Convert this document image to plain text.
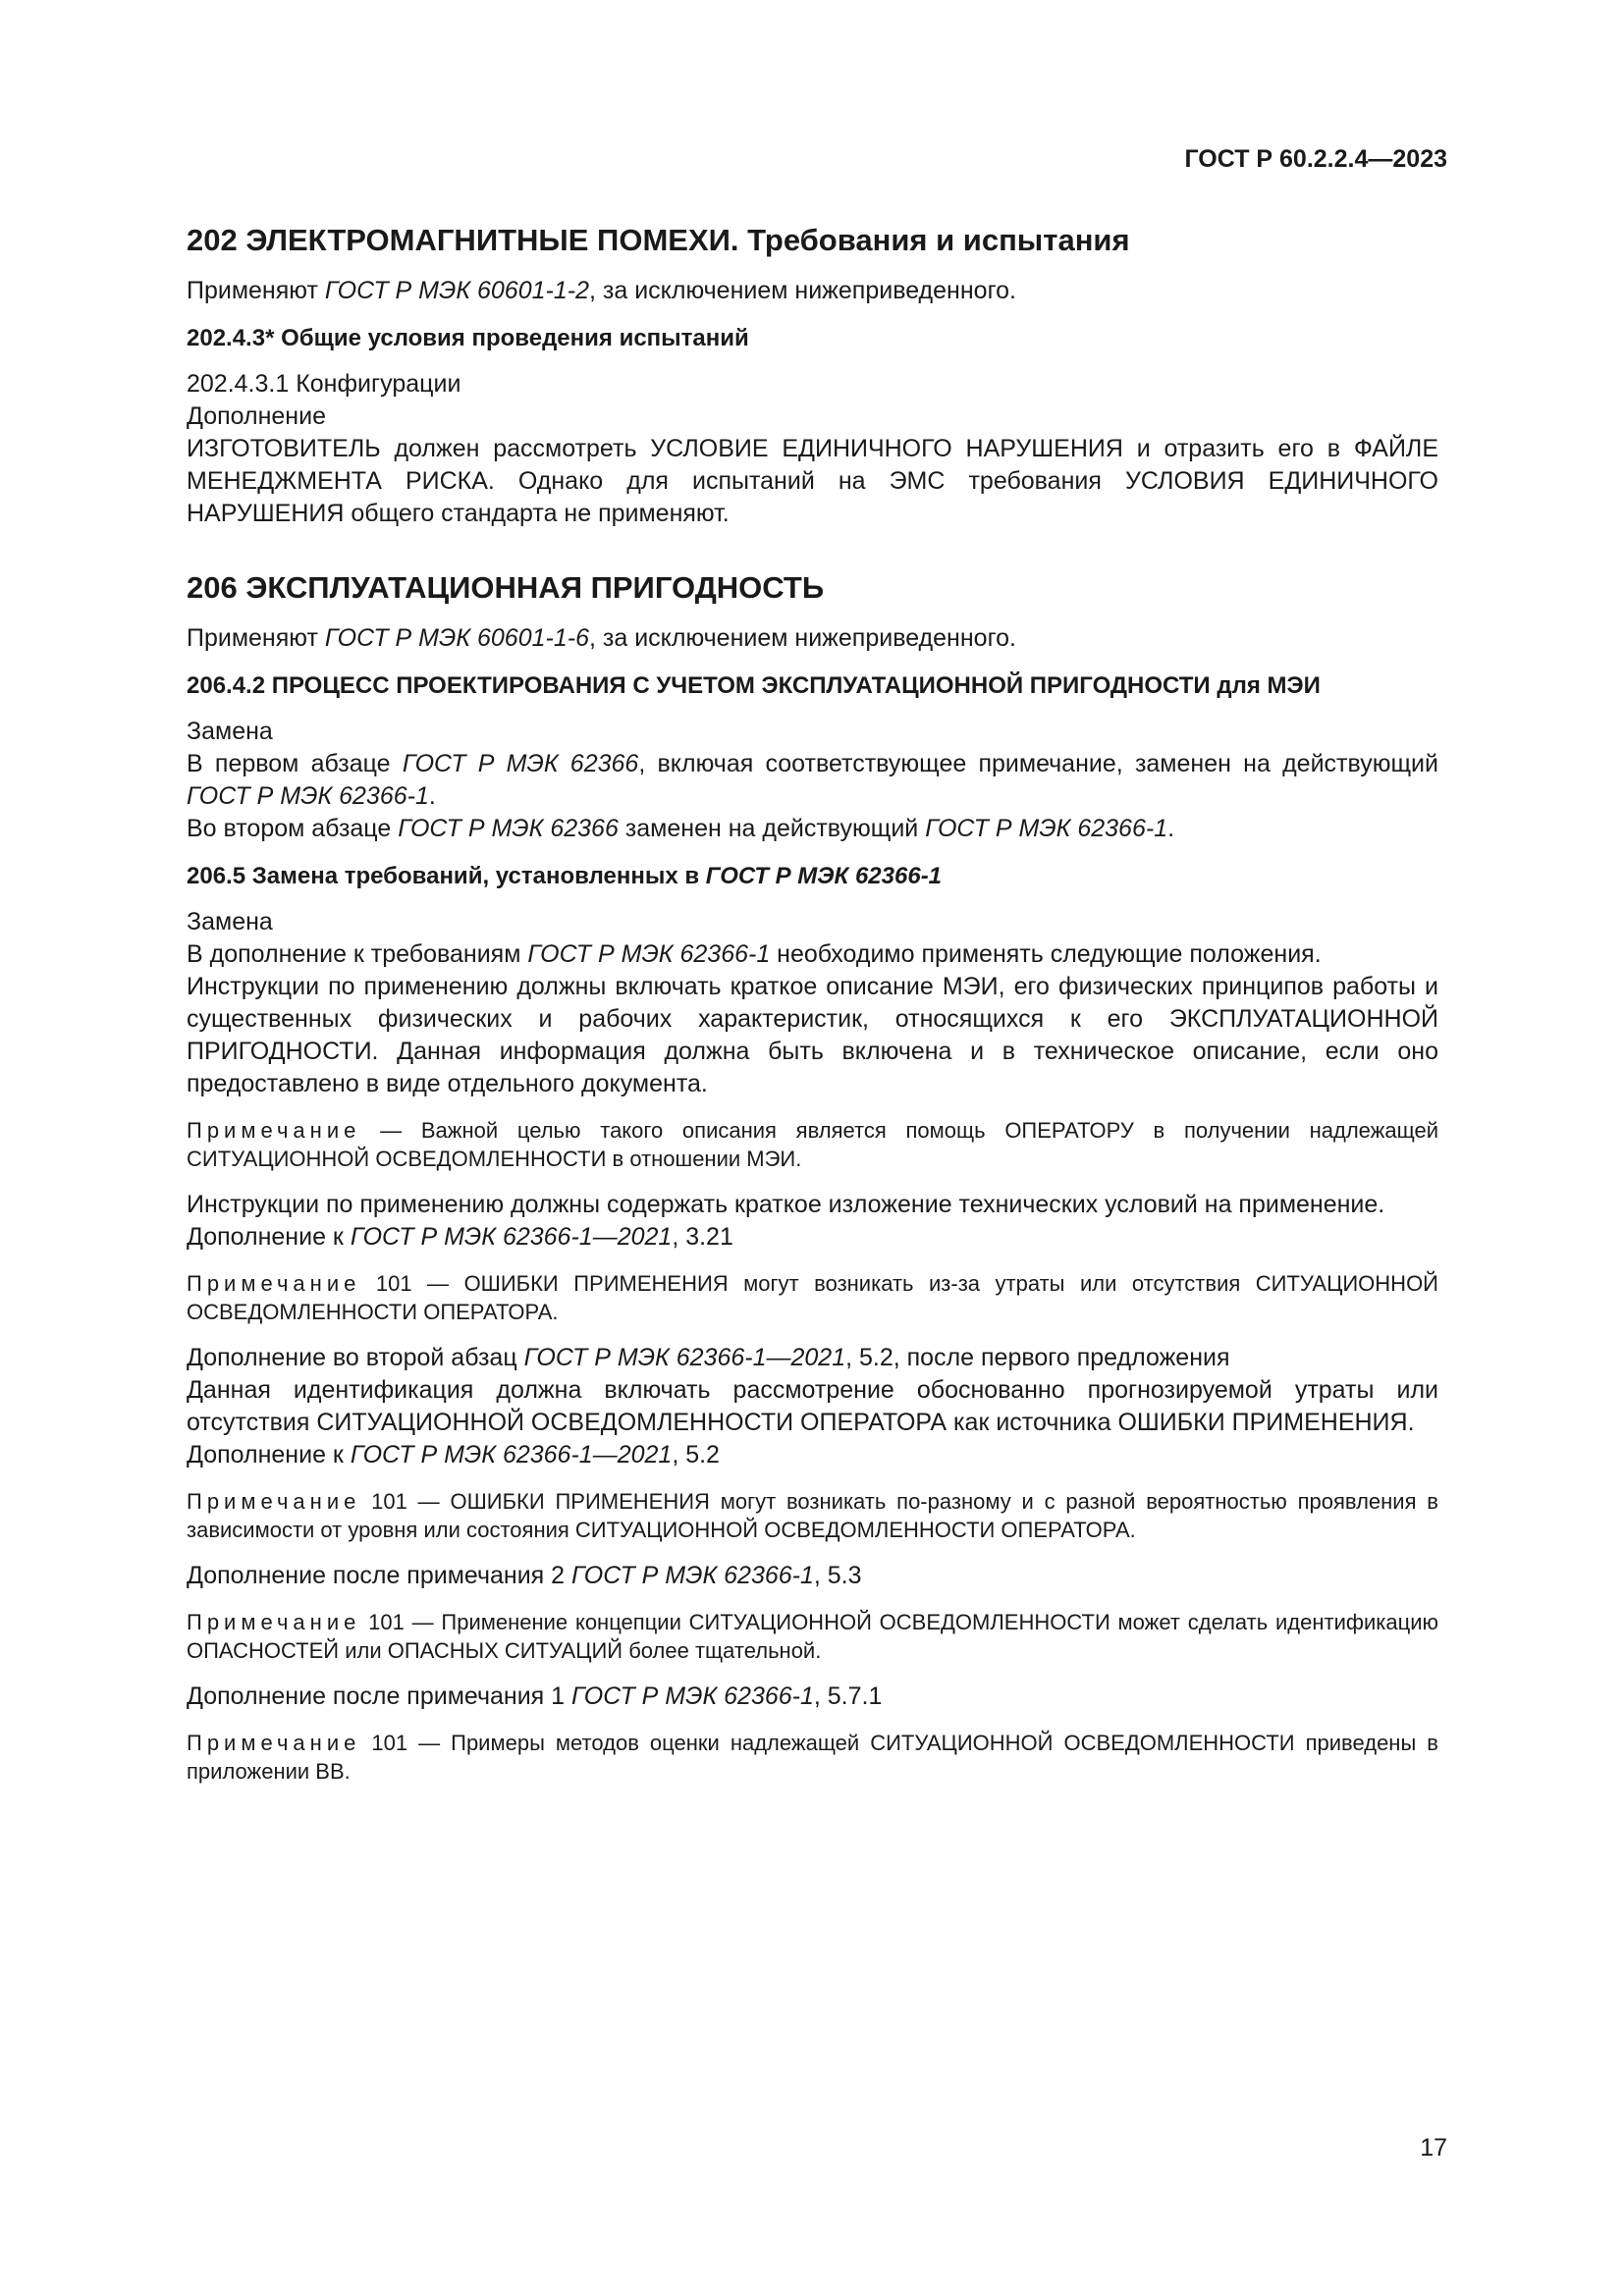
ГОСТ Р 60.2.2.4—2023
202 ЭЛЕКТРОМАГНИТНЫЕ ПОМЕХИ. Требования и испытания

Применяют ГОСТ Р МЭК 60601-1-2, за исключением нижеприведенного.

202.4.3* Общие условия проведения испытаний

202.4.3.1 Конфигурации

Дополнение

ИЗГОТОВИТЕЛЬ должен рассмотреть УСЛОВИЕ ЕДИНИЧНОГО НАРУШЕНИЯ и отразить его в ФАЙЛЕ МЕНЕДЖМЕНТА РИСКА. Однако для испытаний на ЭМС требования УСЛОВИЯ ЕДИНИЧНОГО НАРУШЕНИЯ общего стандарта не применяют.

206 ЭКСПЛУАТАЦИОННАЯ ПРИГОДНОСТЬ

Применяют ГОСТ Р МЭК 60601-1-6, за исключением нижеприведенного.

206.4.2 ПРОЦЕСС ПРОЕКТИРОВАНИЯ С УЧЕТОМ ЭКСПЛУАТАЦИОННОЙ ПРИГОДНОСТИ для МЭИ

Замена

В первом абзаце ГОСТ Р МЭК 62366, включая соответствующее примечание, заменен на действующий ГОСТ Р МЭК 62366-1.

Во втором абзаце ГОСТ Р МЭК 62366 заменен на действующий ГОСТ Р МЭК 62366-1.

206.5 Замена требований, установленных в ГОСТ Р МЭК 62366-1

Замена

В дополнение к требованиям ГОСТ Р МЭК 62366-1 необходимо применять следующие положения.

Инструкции по применению должны включать краткое описание МЭИ, его физических принципов работы и существенных физических и рабочих характеристик, относящихся к его ЭКСПЛУАТАЦИОННОЙ ПРИГОДНОСТИ. Данная информация должна быть включена и в техническое описание, если оно предоставлено в виде отдельного документа.

Примечание — Важной целью такого описания является помощь ОПЕРАТОРУ в получении надлежащей СИТУАЦИОННОЙ ОСВЕДОМЛЕННОСТИ в отношении МЭИ.

Инструкции по применению должны содержать краткое изложение технических условий на применение.

Дополнение к ГОСТ Р МЭК 62366-1—2021, 3.21

Примечание 101 — ОШИБКИ ПРИМЕНЕНИЯ могут возникать из-за утраты или отсутствия СИТУАЦИОННОЙ ОСВЕДОМЛЕННОСТИ ОПЕРАТОРА.

Дополнение во второй абзац ГОСТ Р МЭК 62366-1—2021, 5.2, после первого предложения

Данная идентификация должна включать рассмотрение обоснованно прогнозируемой утраты или отсутствия СИТУАЦИОННОЙ ОСВЕДОМЛЕННОСТИ ОПЕРАТОРА как источника ОШИБКИ ПРИМЕНЕНИЯ.

Дополнение к ГОСТ Р МЭК 62366-1—2021, 5.2

Примечание 101 — ОШИБКИ ПРИМЕНЕНИЯ могут возникать по-разному и с разной вероятностью проявления в зависимости от уровня или состояния СИТУАЦИОННОЙ ОСВЕДОМЛЕННОСТИ ОПЕРАТОРА.

Дополнение после примечания 2 ГОСТ Р МЭК 62366-1, 5.3

Примечание 101 — Применение концепции СИТУАЦИОННОЙ ОСВЕДОМЛЕННОСТИ может сделать идентификацию ОПАСНОСТЕЙ или ОПАСНЫХ СИТУАЦИЙ более тщательной.

Дополнение после примечания 1 ГОСТ Р МЭК 62366-1, 5.7.1

Примечание 101 — Примеры методов оценки надлежащей СИТУАЦИОННОЙ ОСВЕДОМЛЕННОСТИ приведены в приложении ВВ.

17
